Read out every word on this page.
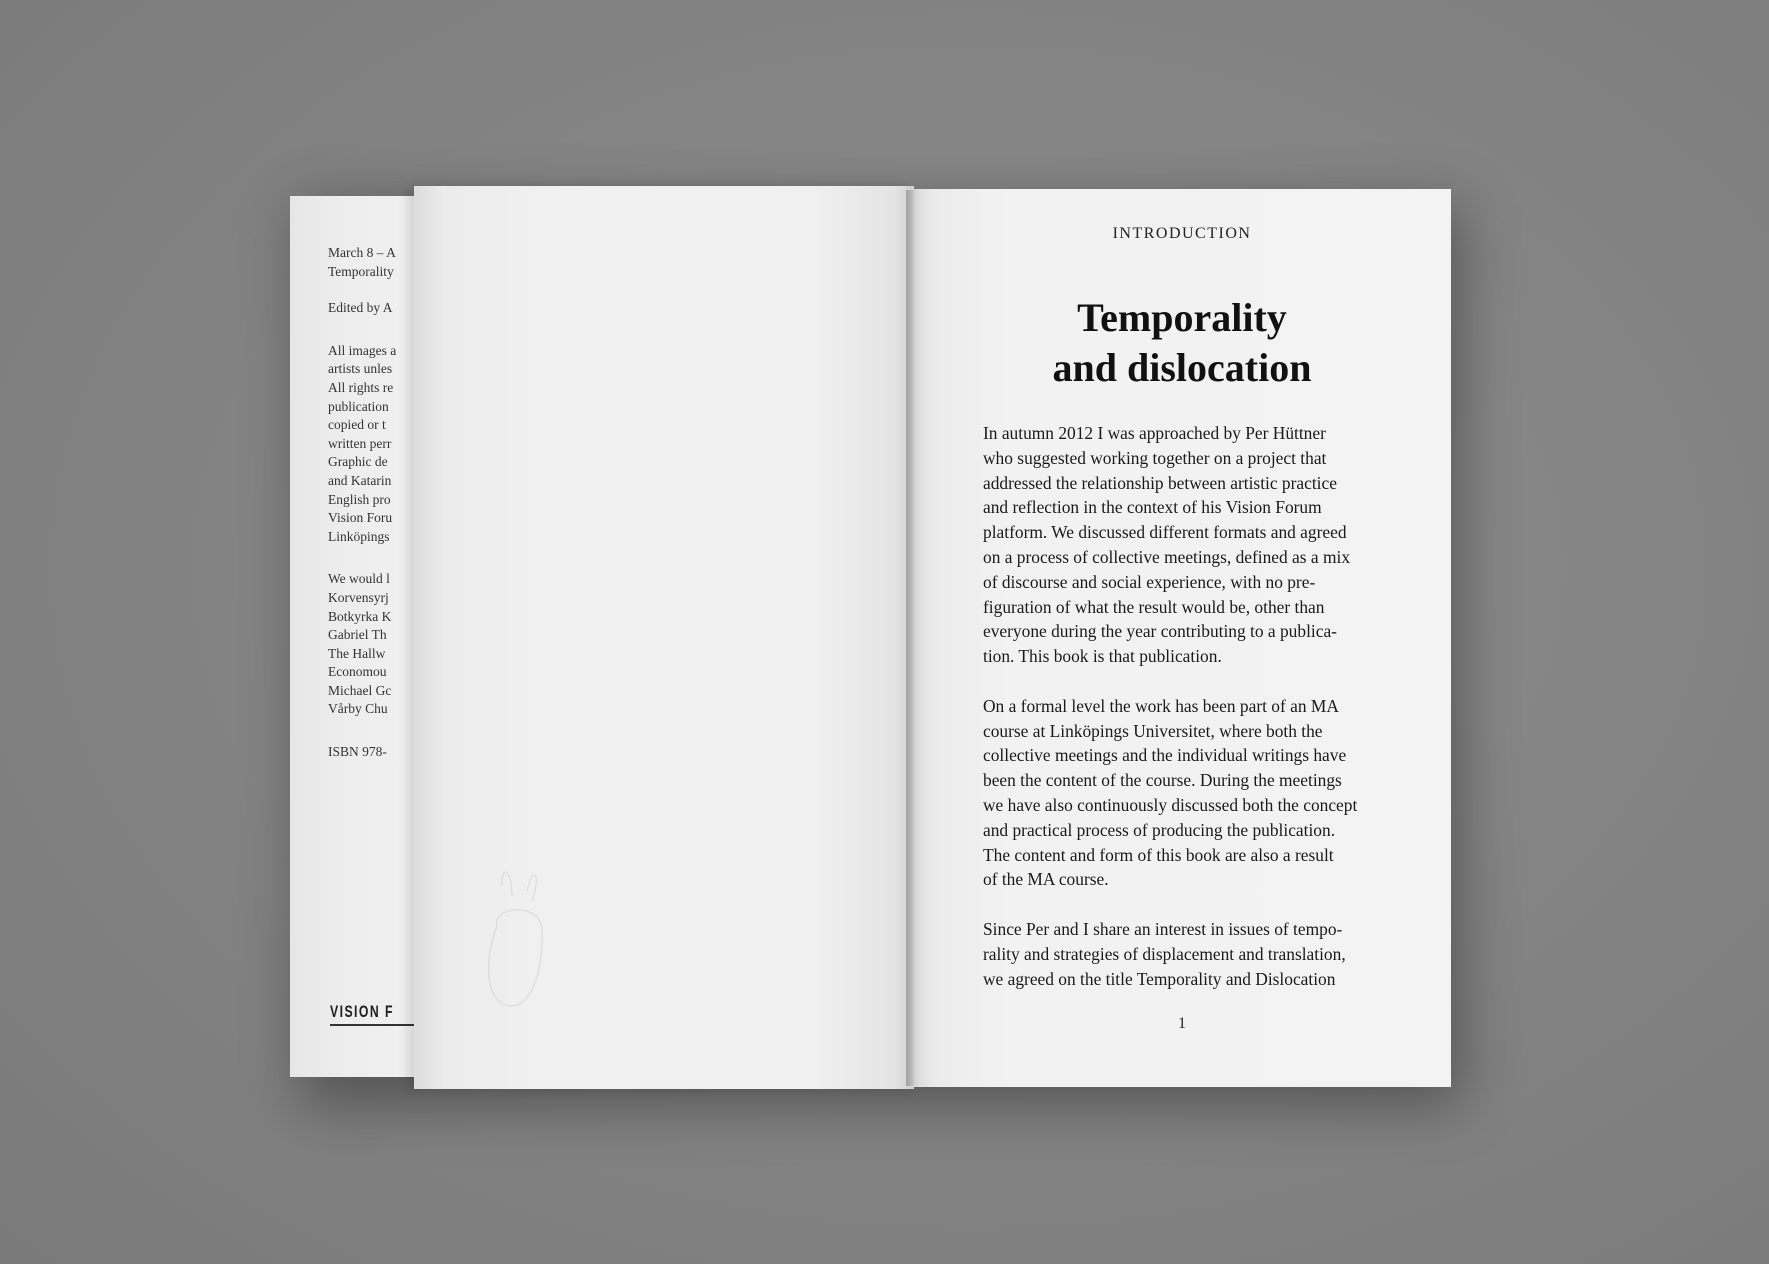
March 8 – A
Temporality
Edited by A
All images a
artists unles
All rights re
publication
copied or t
written perr
Graphic de
and Katarin
English pro
Vision Foru
Linköpings
We would l
Korvensyrj
Botkyrka K
Gabriel Th
The Hallw
Economou
Michael Gc
Vårby Chu
ISBN 978-
VISION F
INTRODUCTION
Temporality
and dislocation
In autumn 2012 I was approached by Per Hüttner
who suggested working together on a project that
addressed the relationship between artistic practice
and reflection in the context of his Vision Forum
platform. We discussed different formats and agreed
on a process of collective meetings, defined as a mix
of discourse and social experience, with no pre-
figuration of what the result would be, other than
everyone during the year contributing to a publica-
tion. This book is that publication.
On a formal level the work has been part of an MA
course at Linköpings Universitet, where both the
collective meetings and the individual writings have
been the content of the course. During the meetings
we have also continuously discussed both the concept
and practical process of producing the publication.
The content and form of this book are also a result
of the MA course.
Since Per and I share an interest in issues of tempo-
rality and strategies of displacement and translation,
we agreed on the title Temporality and Dislocation
1
